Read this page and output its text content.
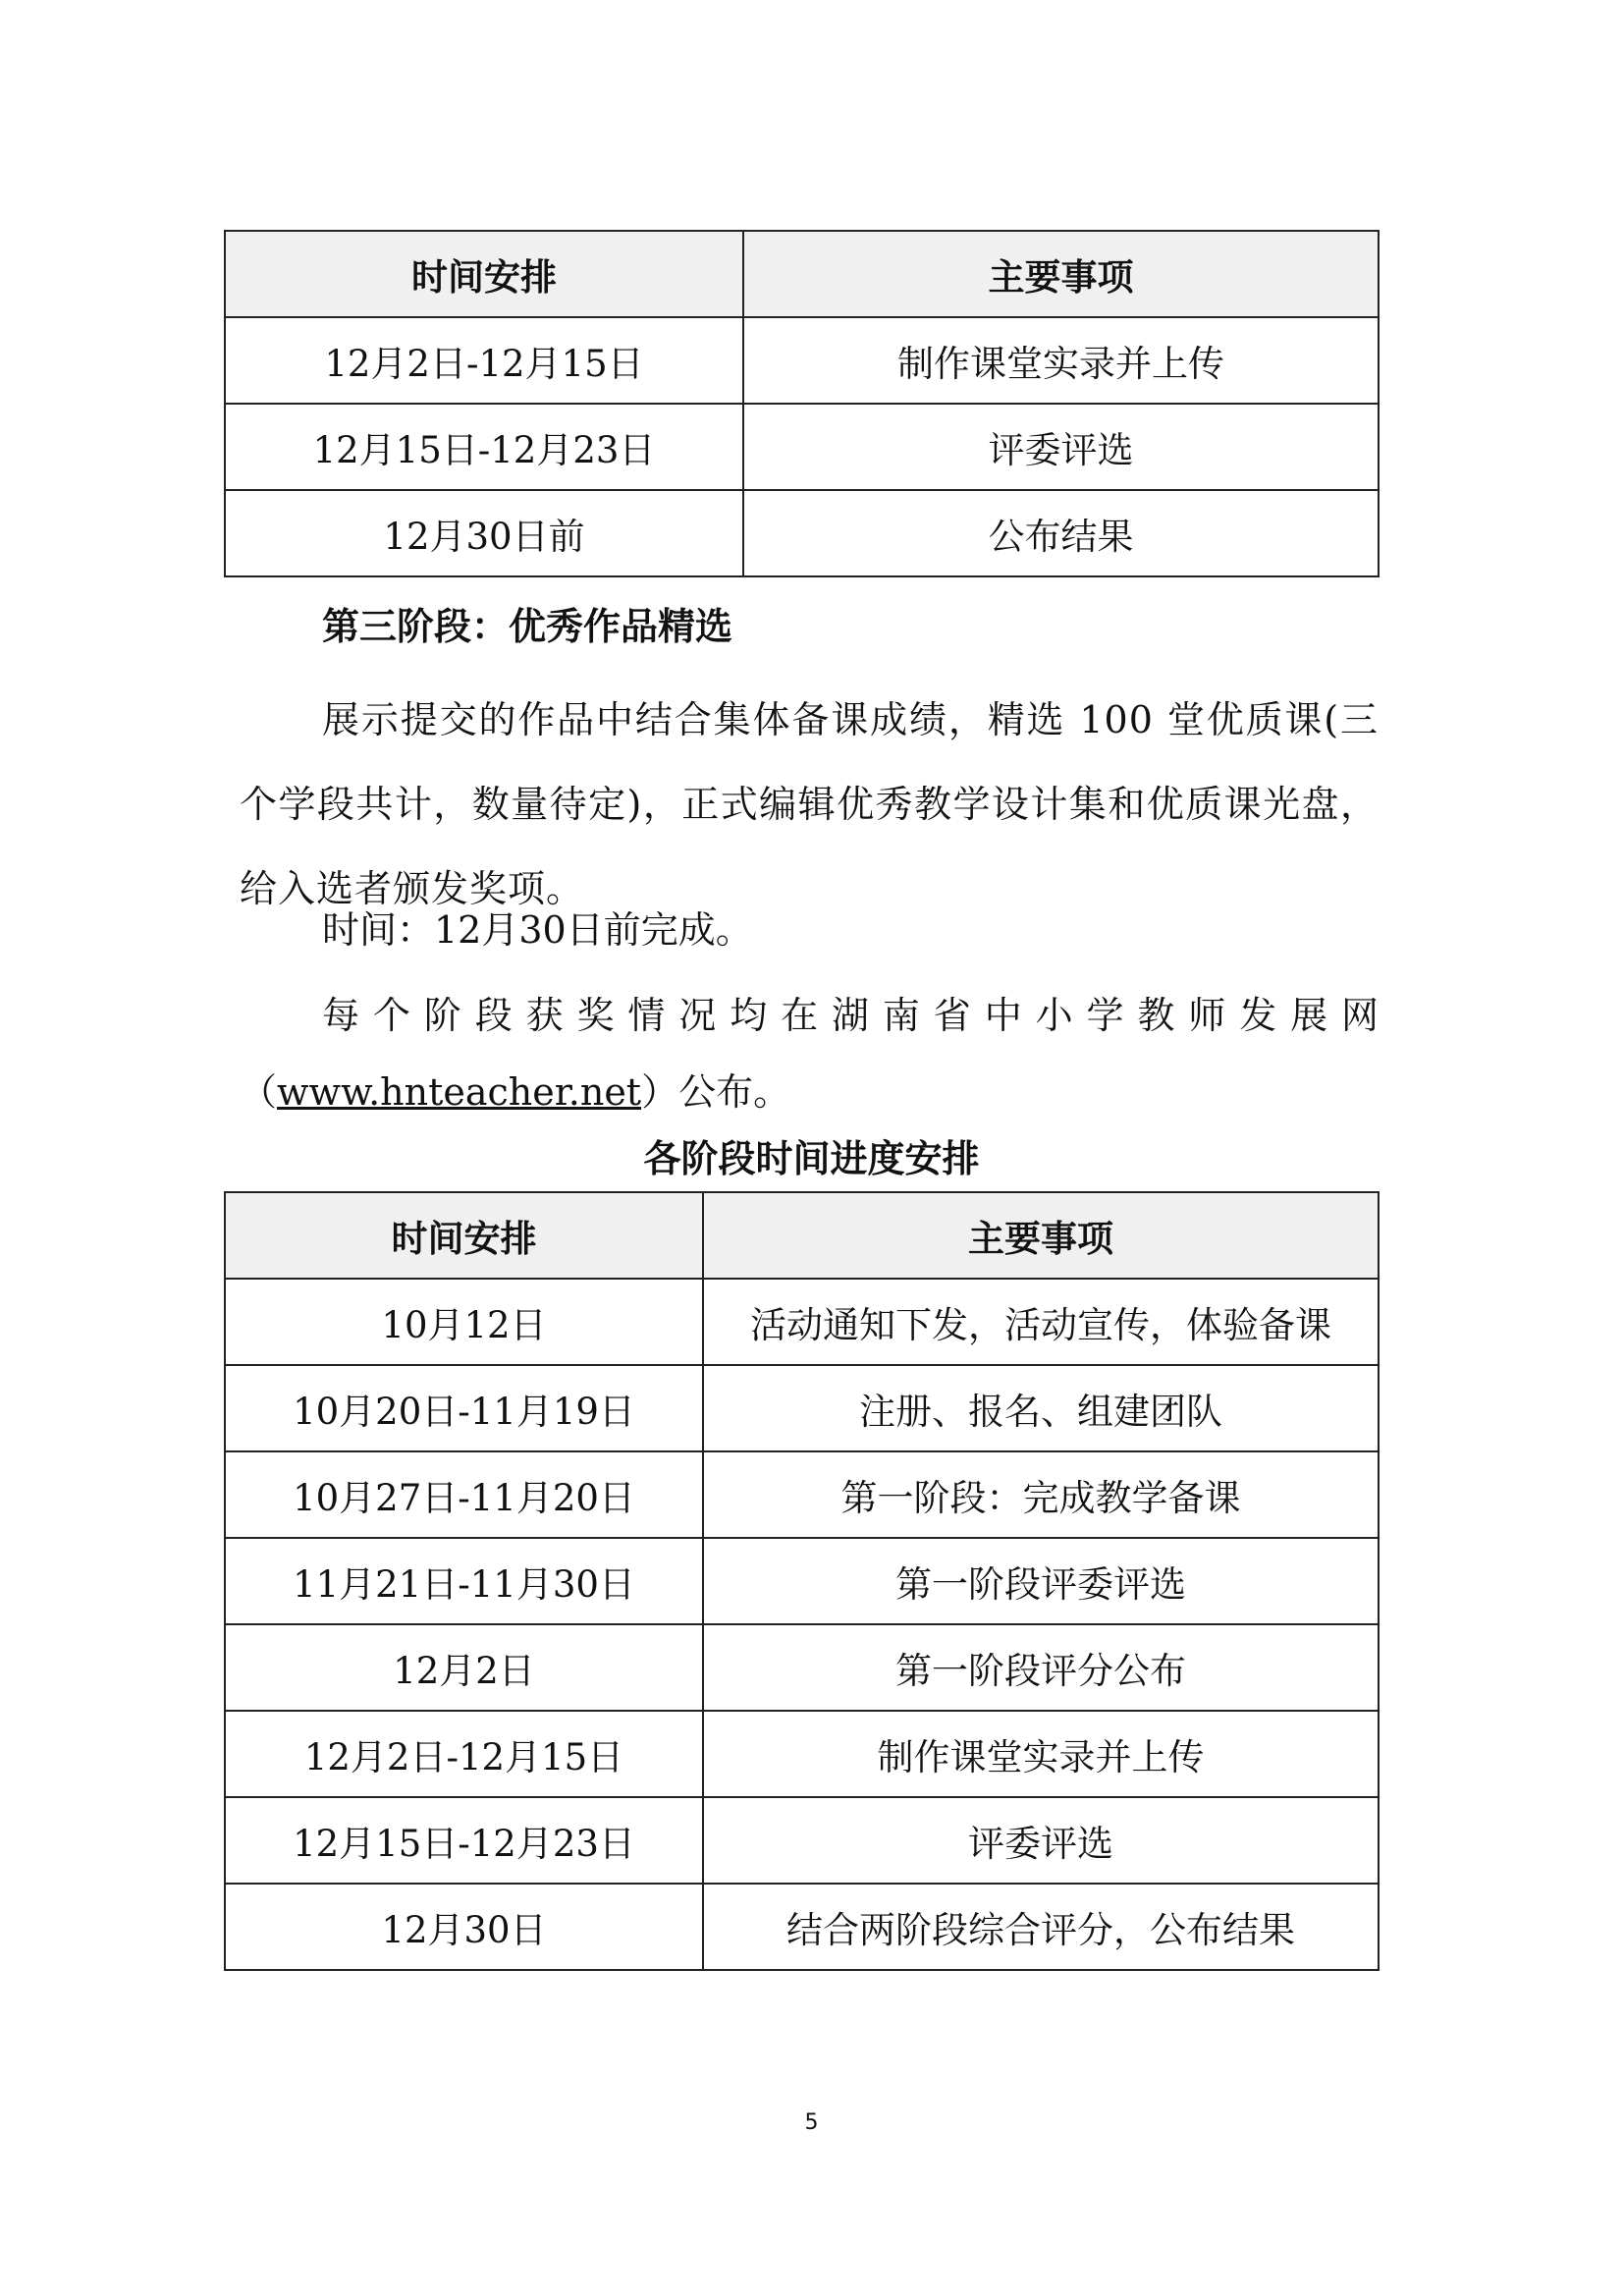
时间安排	主要事项
12月2日-12月15日	制作课堂实录并上传
12月15日-12月23日	评委评选
12月30日前	公布结果
第三阶段：优秀作品精选
展示提交的作品中结合集体备课成绩，精选 100 堂优质课(三个学段共计，数量待定)，正式编辑优秀教学设计集和优质课光盘，给入选者颁发奖项。
时间：12月30日前完成。
每个阶段获奖情况均在湖南省中小学教师发展网
（www.hnteacher.net）公布。
各阶段时间进度安排
时间安排	主要事项
10月12日	活动通知下发，活动宣传，体验备课
10月20日-11月19日	注册、报名、组建团队
10月27日-11月20日	第一阶段：完成教学备课
11月21日-11月30日	第一阶段评委评选
12月2日	第一阶段评分公布
12月2日-12月15日	制作课堂实录并上传
12月15日-12月23日	评委评选
12月30日	结合两阶段综合评分，公布结果
5
